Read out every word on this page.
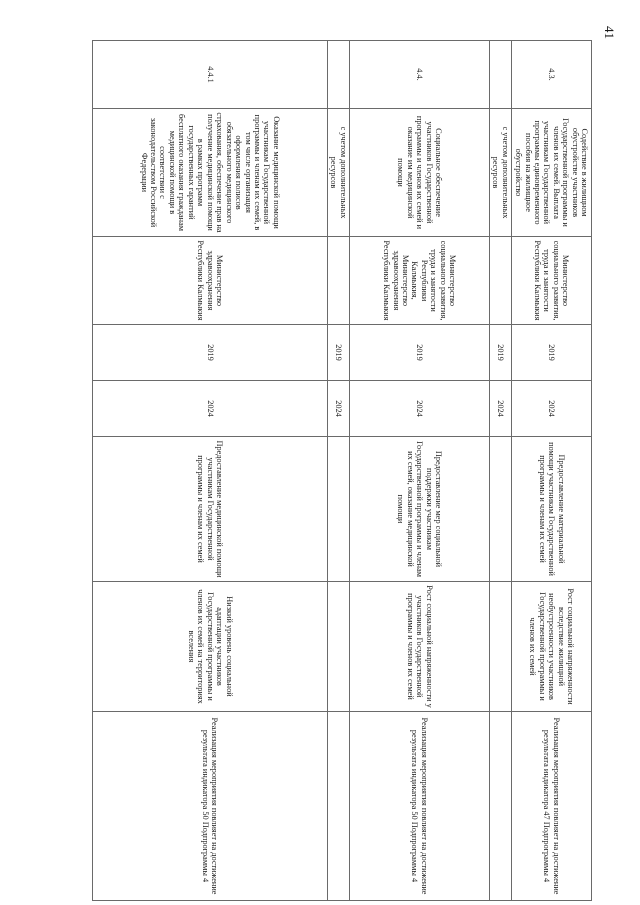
41
4.3.	Содействие в жилищном обустройстве участников Государственной программы и членов их семей. Выплата участникам Государственной программы единовременного пособия на жилищное обустройство	Министерство социального развития, труда и занятости Республики Калмыкия	2019	2024	Предоставление материальной помощи участникам Государственной программы и членам их семей	Рост социальной напряженности вследствие жилищной необустроенности участников Государственной программы и членов их семей	Реализация мероприятия повлияет на достижение результата индикатора 47 Подпрограммы 4
	с учетом дополнительных ресурсов		2019	2024			
4.4.	Социальное обеспечение участников Государственной программы и членов их семей и оказание им медицинской помощи	Министерство социального развития, труда и занятости Республики Калмыкия, Министерство здравоохранения Республики Калмыкия	2019	2024	Предоставление мер социальной поддержки участникам Государственной программы и членам их семей, оказание медицинской помощи	Рост социальной напряженности у участников Государственной программы и членов их семей	Реализация мероприятия повлияет на достижение результата индикатора 50 Подпрограммы 4
	с учетом дополнительных ресурсов		2019	2024			
4.4.1	Оказание медицинской помощи участникам Государственной программы и членам их семей, в том числе организация оформления полисов обязательного медицинского страхования, обеспечение прав на получение медицинской помощи в рамках программ государственных гарантий бесплатного оказания гражданам медицинской помощи в соответствии с законодательством Российской Федерации	Министерство здравоохранения Республики Калмыкия	2019	2024	Предоставление медицинской помощи участникам Государственной программы и членам их семей	Низкий уровень социальной адаптации участников Государственной программы и членов их семей на территориях вселения	Реализация мероприятия повлияет на достижение результата индикатора 50 Подпрограммы 4
